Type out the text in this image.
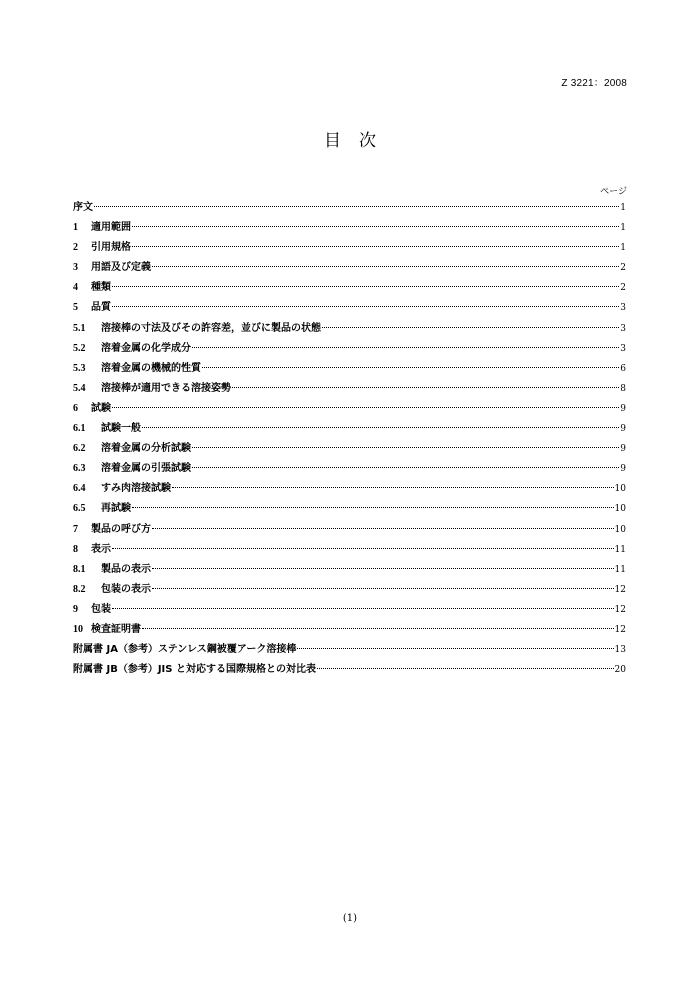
Z 3221：2008
目次
ページ
序文	1
1	適用範囲	1
2	引用規格	1
3	用語及び定義	2
4	種類	2
5	品質	3
5.1	溶接棒の寸法及びその許容差，並びに製品の状態	3
5.2	溶着金属の化学成分	3
5.3	溶着金属の機械的性質	6
5.4	溶接棒が適用できる溶接姿勢	8
6	試験	9
6.1	試験一般	9
6.2	溶着金属の分析試験	9
6.3	溶着金属の引張試験	9
6.4	すみ肉溶接試験	10
6.5	再試験	10
7	製品の呼び方	10
8	表示	11
8.1	製品の表示	11
8.2	包装の表示	12
9	包装	12
10 検査証明書	12
附属書 JA（参考）ステンレス鋼被覆アーク溶接棒	13
附属書 JB（参考）JIS と対応する国際規格との対比表	20
(1)
